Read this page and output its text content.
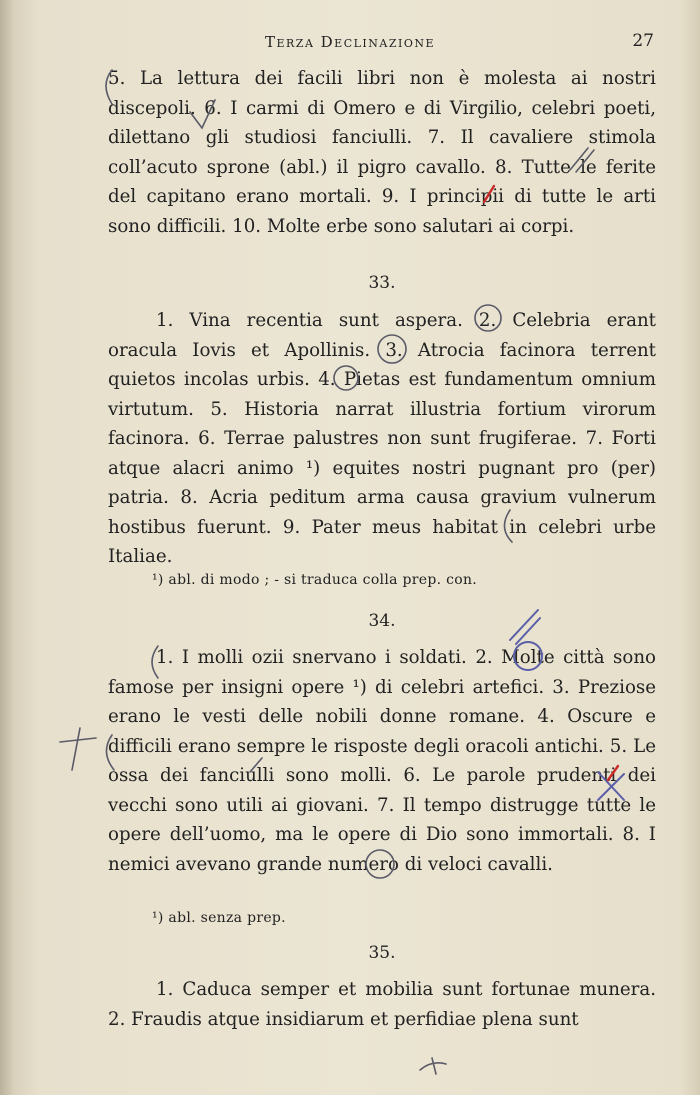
Terza Declinazione	27

5. La lettura dei facili libri non è molesta ai nostri discepoli. 6. I carmi di Omero e di Virgilio, celebri poeti, dilettano gli studiosi fanciulli. 7. Il cavaliere stimola coll’acuto sprone (abl.) il pigro cavallo. 8. Tutte le ferite del capitano erano mortali. 9. I principii di tutte le arti sono difficili. 10. Molte erbe sono salutari ai corpi.

33.

1. Vina recentia sunt aspera. 2. Celebria erant oracula Iovis et Apollinis. 3. Atrocia facinora terrent quietos incolas urbis. 4. Pietas est fundamentum omnium virtutum. 5. Historia narrat illustria fortium virorum facinora. 6. Terrae palustres non sunt frugiferae. 7. Forti atque alacri animo ¹) equites nostri pugnant pro (per) patria. 8. Acria peditum arma causa gravium vulnerum hostibus fuerunt. 9. Pater meus habitat in celebri urbe Italiae.

¹) abl. di modo ; - si traduca colla prep. con.
34.

1. I molli ozii snervano i soldati. 2. Molte città sono famose per insigni opere ¹) di celebri artefici. 3. Preziose erano le vesti delle nobili donne romane. 4. Oscure e difficili erano sempre le risposte degli oracoli antichi. 5. Le ossa dei fanciulli sono molli. 6. Le parole prudenti dei vecchi sono utili ai giovani. 7. Il tempo distrugge tutte le opere dell’uomo, ma le opere di Dio sono immortali. 8. I nemici avevano grande numero di veloci cavalli.

¹) abl. senza prep.
35.

1. Caduca semper et mobilia sunt fortunae munera. 2. Fraudis atque insidiarum et perfidiae plena sunt
